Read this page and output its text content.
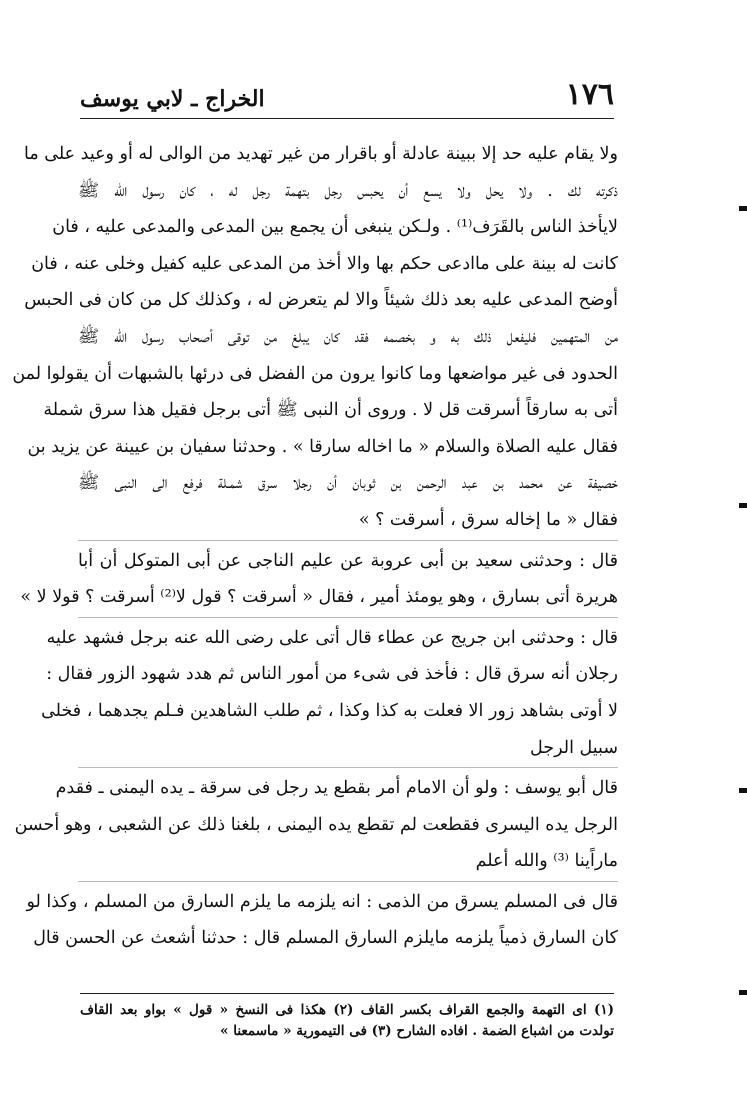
١٧٦
الخراج ـ لابي يوسف
ولا يقام عليه حد إلا ببينة عادلة أو باقرار من غير تهديد من الوالى له أو وعيد على ما
ذكرته لك . ولا يحل ولا يسع أن يحبس رجل بتهمة رجل له ، كان رسول الله ﷺ
لايأخذ الناس بالقَرَف⁽¹⁾ . ولـكن ينبغى أن يجمع بين المدعى والمدعى عليه ، فان
كانت له بينة على ماادعى حكم بها والا أخذ من المدعى عليه كفيل وخلى عنه ، فان
أوضح المدعى عليه بعد ذلك شيئاً والا لم يتعرض له ، وكذلك كل من كان فى الحبس
من المتهمين فليفعل ذلك به و بخصمه فقد كان يبلغ من توقى أصحاب رسول الله ﷺ
الحدود فى غير مواضعها وما كانوا يرون من الفضل فى درئها بالشبهات أن يقولوا لمن
أتى به سارقاً أسرقت قل لا . وروى أن النبى ﷺ أتى برجل فقيل هذا سرق شملة
فقال عليه الصلاة والسلام « ما اخاله سارقا » . وحدثنا سفيان بن عيينة عن يزيد بن
خصيفة عن محمد بن عبد الرحمن بن ثوبان أن رجلا سرق شمـلة فرفع الى النبى ﷺ
فقال « ما إخاله سرق ، أسرقت ؟ »
قال : وحدثنى سعيد بن أبى عروبة عن عليم الناجى عن أبى المتوكل أن أبا
هريرة أتى بسارق ، وهو يومئذ أمير ، فقال « أسرقت ؟ قول لا⁽²⁾ أسرقت ؟ قولا لا »
قال : وحدثنى ابن جريج عن عطاء قال أتى على رضى الله عنه برجل فشهد عليه
رجلان أنه سرق قال : فأخذ فى شىء من أمور الناس ثم هدد شهود الزور فقال :
لا أوتى بشاهد زور الا فعلت به كذا وكذا ، ثم طلب الشاهدين فـلم يجدهما ، فخلى
سبيل الرجل
قال أبو يوسف : ولو أن الامام أمر بقطع يد رجل فى سرقة ـ يده اليمنى ـ فقدم
الرجل يده اليسرى فقطعت لم تقطع يده اليمنى ، بلغنا ذلك عن الشعبى ، وهو أحسن
ماراًينا ⁽³⁾ والله أعلم
قال فى المسلم يسرق من الذمى : انه يلزمه ما يلزم السارق من المسلم ، وكذا لو
كان السارق ذمياً يلزمه مايلزم السارق المسلم قال : حدثنا أشعث عن الحسن قال
(١) اى التهمة والجمع القراف بكسر القاف (٢) هكذا فى النسخ « قول » بواو بعد القاف
تولدت من اشباع الضمة . افاده الشارح (٣) فى التيمورية « ماسمعنا »
